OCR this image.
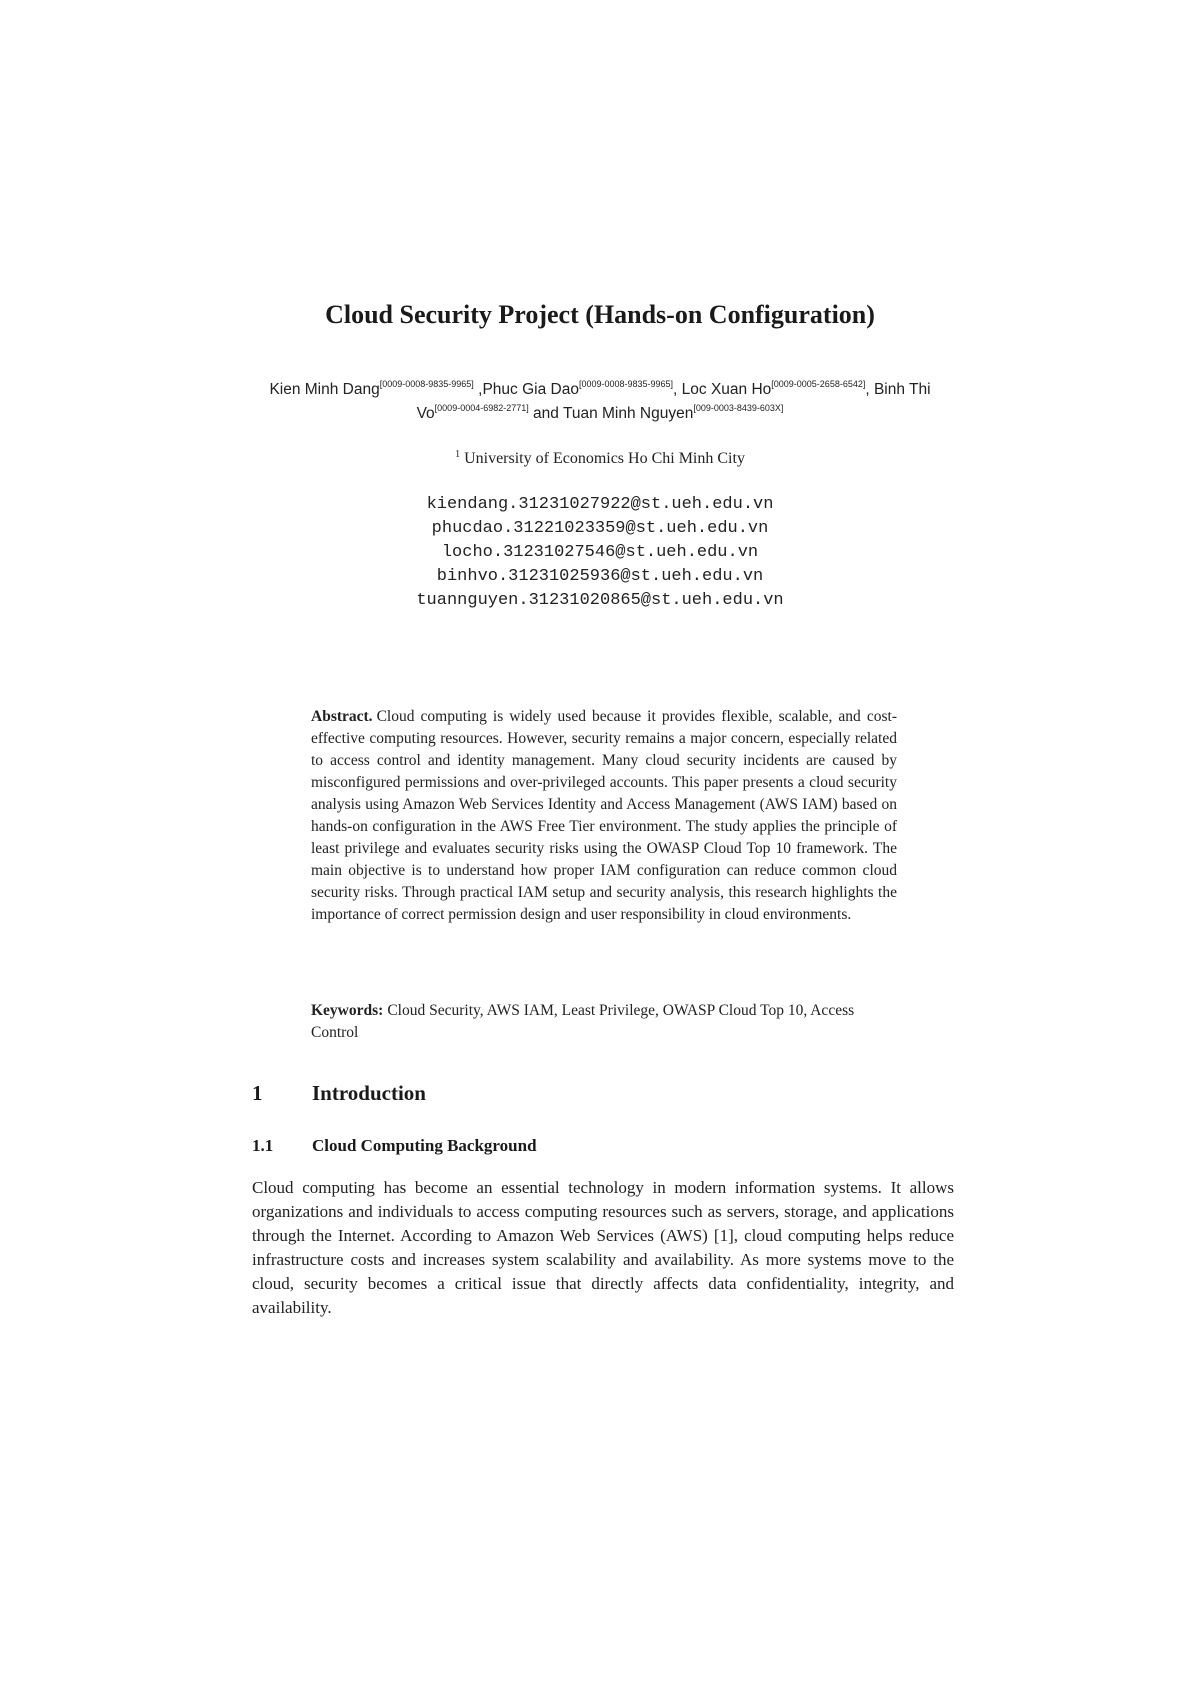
Cloud Security Project (Hands-on Configuration)

Kien Minh Dang[0009-0008-9835-9965] ,Phuc Gia Dao[0009-0008-9835-9965], Loc Xuan Ho[0009-0005-2658-6542], Binh Thi Vo[0009-0004-6982-2771] and Tuan Minh Nguyen[009-0003-8439-603X]

$^1$ University of Economics Ho Chi Minh City

kiendang.31231027922@st.ueh.edu.vn
phucdao.31221023359@st.ueh.edu.vn
locho.31231027546@st.ueh.edu.vn
binhvo.31231025936@st.ueh.edu.vn
tuannguyen.31231020865@st.ueh.edu.vn

Abstract. Cloud computing is widely used because it provides flexible, scalable, and cost-effective computing resources. However, security remains a major concern, especially related to access control and identity management. Many cloud security incidents are caused by misconfigured permissions and over-privileged accounts. This paper presents a cloud security analysis using Amazon Web Services Identity and Access Management (AWS IAM) based on hands-on configuration in the AWS Free Tier environment. The study applies the principle of least privilege and evaluates security risks using the OWASP Cloud Top 10 framework. The main objective is to understand how proper IAM configuration can reduce common cloud security risks. Through practical IAM setup and security analysis, this research highlights the importance of correct permission design and user responsibility in cloud environments.

Keywords: Cloud Security, AWS IAM, Least Privilege, OWASP Cloud Top 10, Access Control

1 Introduction
1.1 Cloud Computing Background

Cloud computing has become an essential technology in modern information systems. It allows organizations and individuals to access computing resources such as servers, storage, and applications through the Internet. According to Amazon Web Services (AWS) [1], cloud computing helps reduce infrastructure costs and increases system scalability and availability. As more systems move to the cloud, security becomes a critical issue that directly affects data confidentiality, integrity, and availability.
